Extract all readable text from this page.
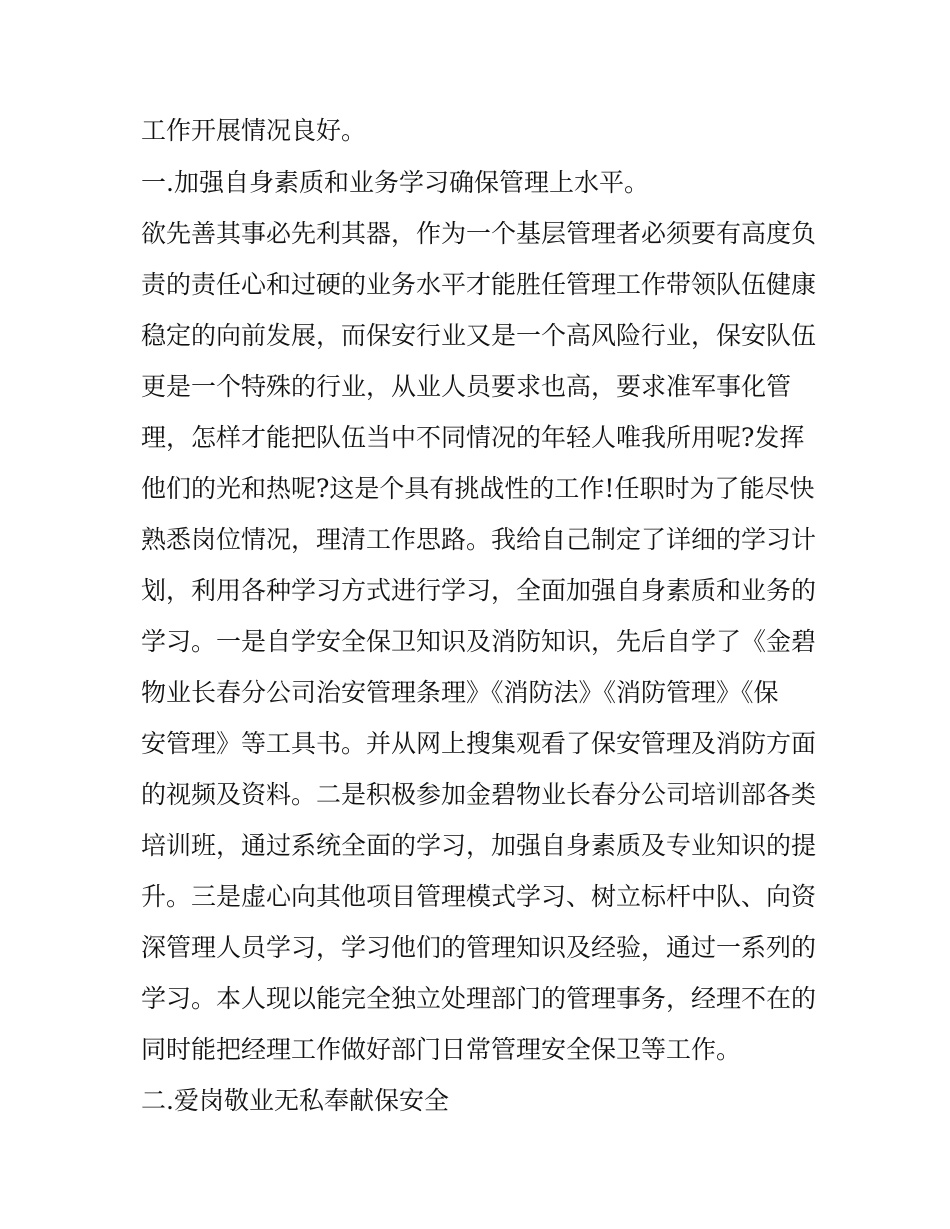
工作开展情况良好。

一.加强自身素质和业务学习确保管理上水平。

欲先善其事必先利其器，作为一个基层管理者必须要有高度负

责的责任心和过硬的业务水平才能胜任管理工作带领队伍健康

稳定的向前发展，而保安行业又是一个高风险行业，保安队伍

更是一个特殊的行业，从业人员要求也高，要求准军事化管

理，怎样才能把队伍当中不同情况的年轻人唯我所用呢?发挥

他们的光和热呢?这是个具有挑战性的工作!任职时为了能尽快

熟悉岗位情况，理清工作思路。我给自己制定了详细的学习计

划，利用各种学习方式进行学习，全面加强自身素质和业务的

学习。一是自学安全保卫知识及消防知识，先后自学了《金碧

物业长春分公司治安管理条理》《消防法》《消防管理》《保

安管理》等工具书。并从网上搜集观看了保安管理及消防方面

的视频及资料。二是积极参加金碧物业长春分公司培训部各类

培训班，通过系统全面的学习，加强自身素质及专业知识的提

升。三是虚心向其他项目管理模式学习、树立标杆中队、向资

深管理人员学习，学习他们的管理知识及经验，通过一系列的

学习。本人现以能完全独立处理部门的管理事务，经理不在的

同时能把经理工作做好部门日常管理安全保卫等工作。

二.爱岗敬业无私奉献保安全
